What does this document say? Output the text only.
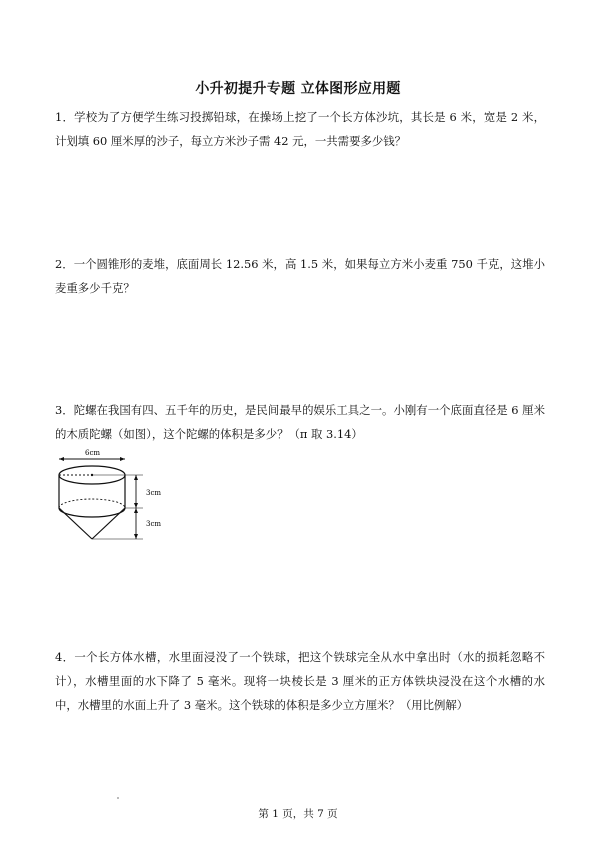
小升初提升专题 立体图形应用题
1．学校为了方便学生练习投掷铅球，在操场上挖了一个长方体沙坑，其长是 6 米，宽是 2 米，计划填 60 厘米厚的沙子，每立方米沙子需 42 元，一共需要多少钱？
2．一个圆锥形的麦堆，底面周长 12.56 米，高 1.5 米，如果每立方米小麦重 750 千克，这堆小麦重多少千克？
3．陀螺在我国有四、五千年的历史，是民间最早的娱乐工具之一。小刚有一个底面直径是 6 厘米的木质陀螺（如图），这个陀螺的体积是多少？（π 取 3.14）
6cm
3cm
3cm
4．一个长方体水槽，水里面浸没了一个铁球，把这个铁球完全从水中拿出时（水的损耗忽略不计），水槽里面的水下降了 5 毫米。现将一块棱长是 3 厘米的正方体铁块浸没在这个水槽的水中，水槽里的水面上升了 3 毫米。这个铁球的体积是多少立方厘米？（用比例解）
第 1 页，共 7 页
